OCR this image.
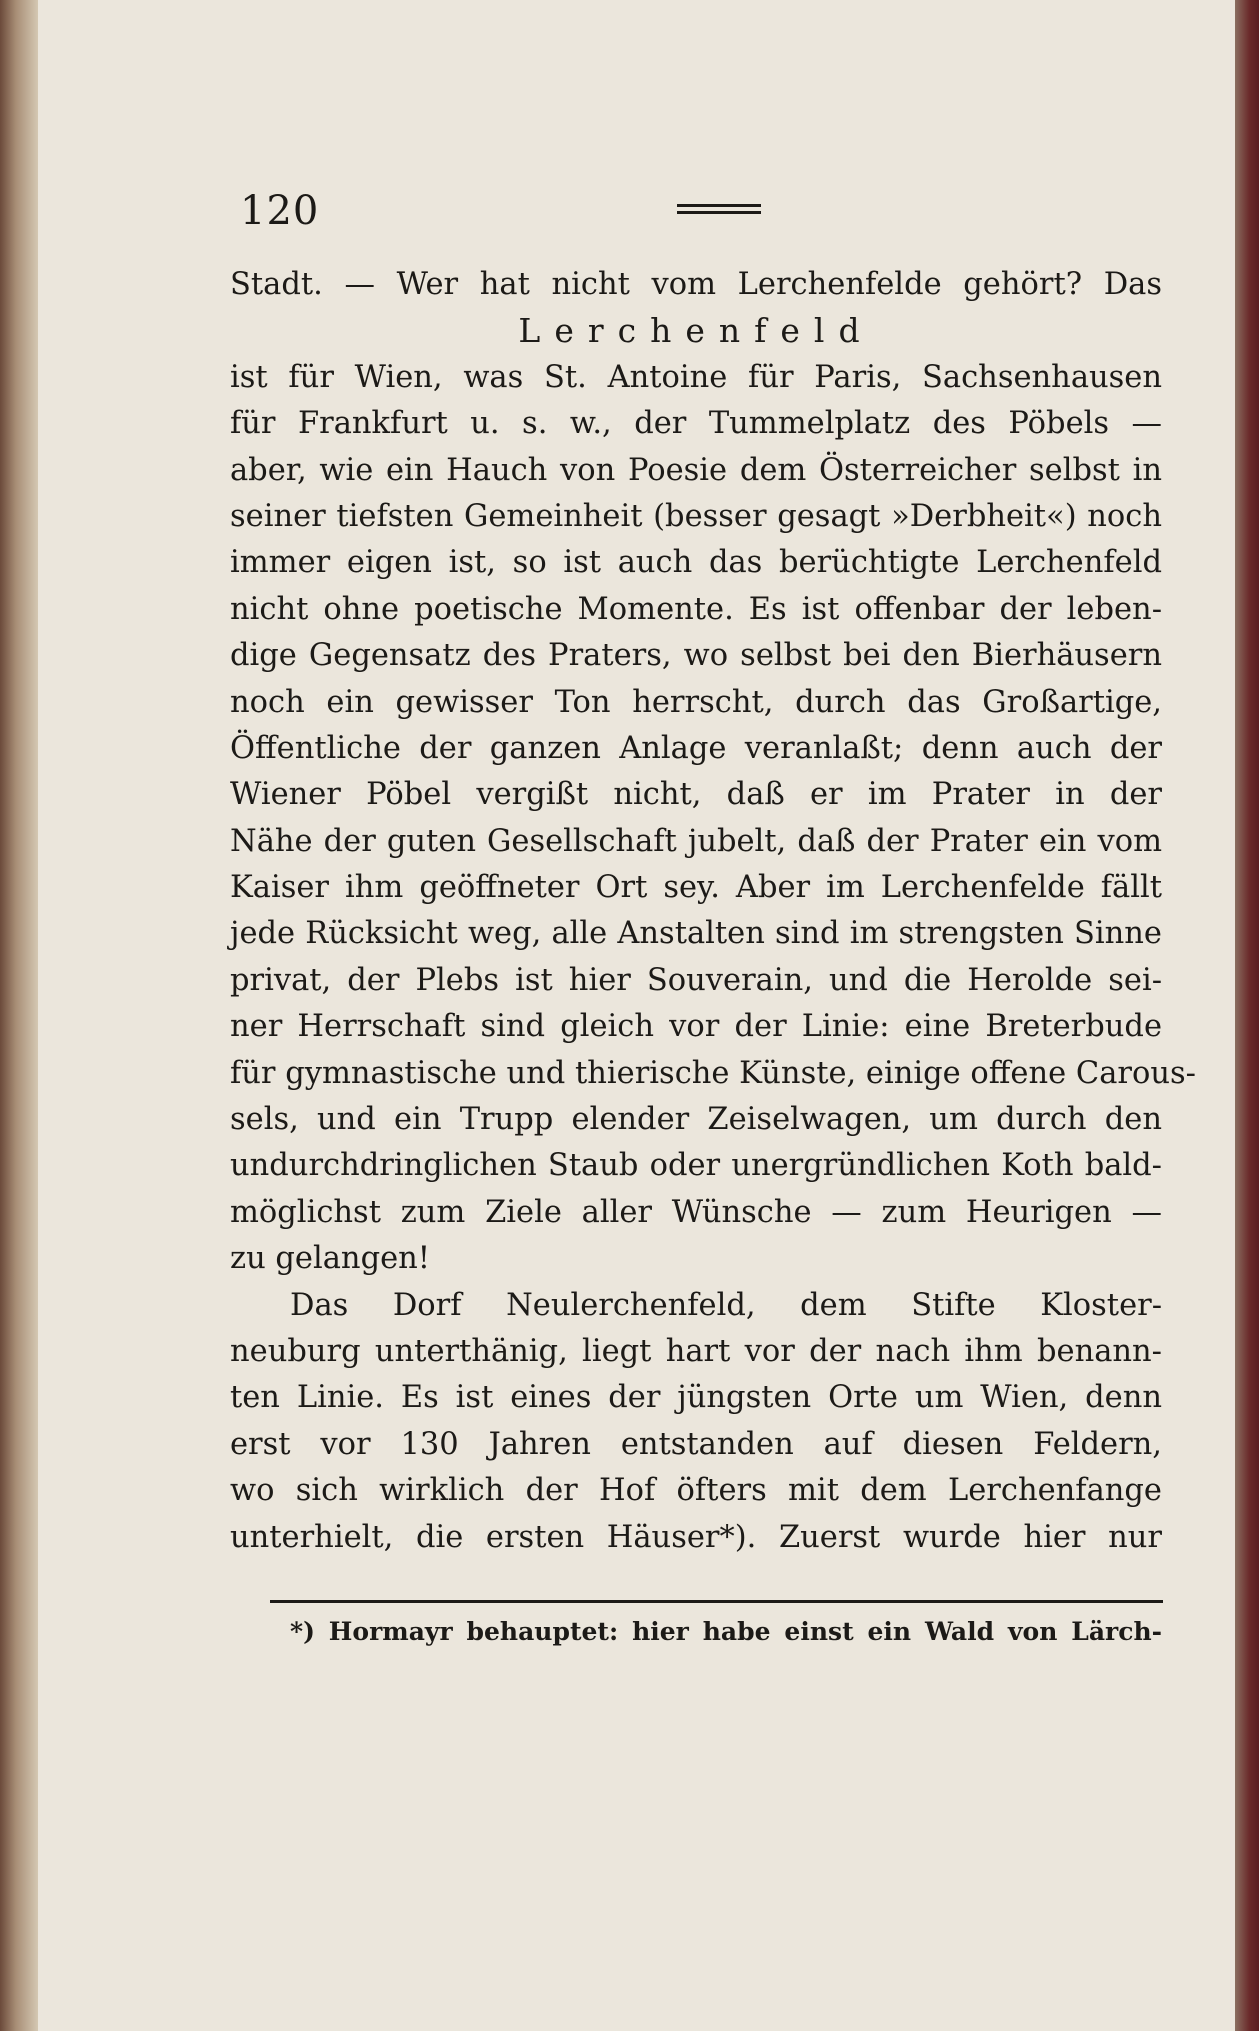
120
Stadt. — Wer hat nicht vom Lerchenfelde gehört? Das
Lerchenfeld
ist für Wien, was St. Antoine für Paris, Sachsenhausen
für Frankfurt u. s. w., der Tummelplatz des Pöbels —
aber, wie ein Hauch von Poesie dem Österreicher selbst in
seiner tiefsten Gemeinheit (besser gesagt »Derbheit«) noch
immer eigen ist, so ist auch das berüchtigte Lerchenfeld
nicht ohne poetische Momente. Es ist offenbar der leben-
dige Gegensatz des Praters, wo selbst bei den Bierhäusern
noch ein gewisser Ton herrscht, durch das Großartige,
Öffentliche der ganzen Anlage veranlaßt; denn auch der
Wiener Pöbel vergißt nicht, daß er im Prater in der
Nähe der guten Gesellschaft jubelt, daß der Prater ein vom
Kaiser ihm geöffneter Ort sey. Aber im Lerchenfelde fällt
jede Rücksicht weg, alle Anstalten sind im strengsten Sinne
privat, der Plebs ist hier Souverain, und die Herolde sei-
ner Herrschaft sind gleich vor der Linie: eine Breterbude
für gymnastische und thierische Künste, einige offene Carous-
sels, und ein Trupp elender Zeiselwagen, um durch den
undurchdringlichen Staub oder unergründlichen Koth bald-
möglichst zum Ziele aller Wünsche — zum Heurigen —
zu gelangen!
Das Dorf Neulerchenfeld, dem Stifte Kloster-
neuburg unterthänig, liegt hart vor der nach ihm benann-
ten Linie. Es ist eines der jüngsten Orte um Wien, denn
erst vor 130 Jahren entstanden auf diesen Feldern,
wo sich wirklich der Hof öfters mit dem Lerchenfange
unterhielt, die ersten Häuser*). Zuerst wurde hier nur
*) Hormayr behauptet: hier habe einst ein Wald von Lärch-
